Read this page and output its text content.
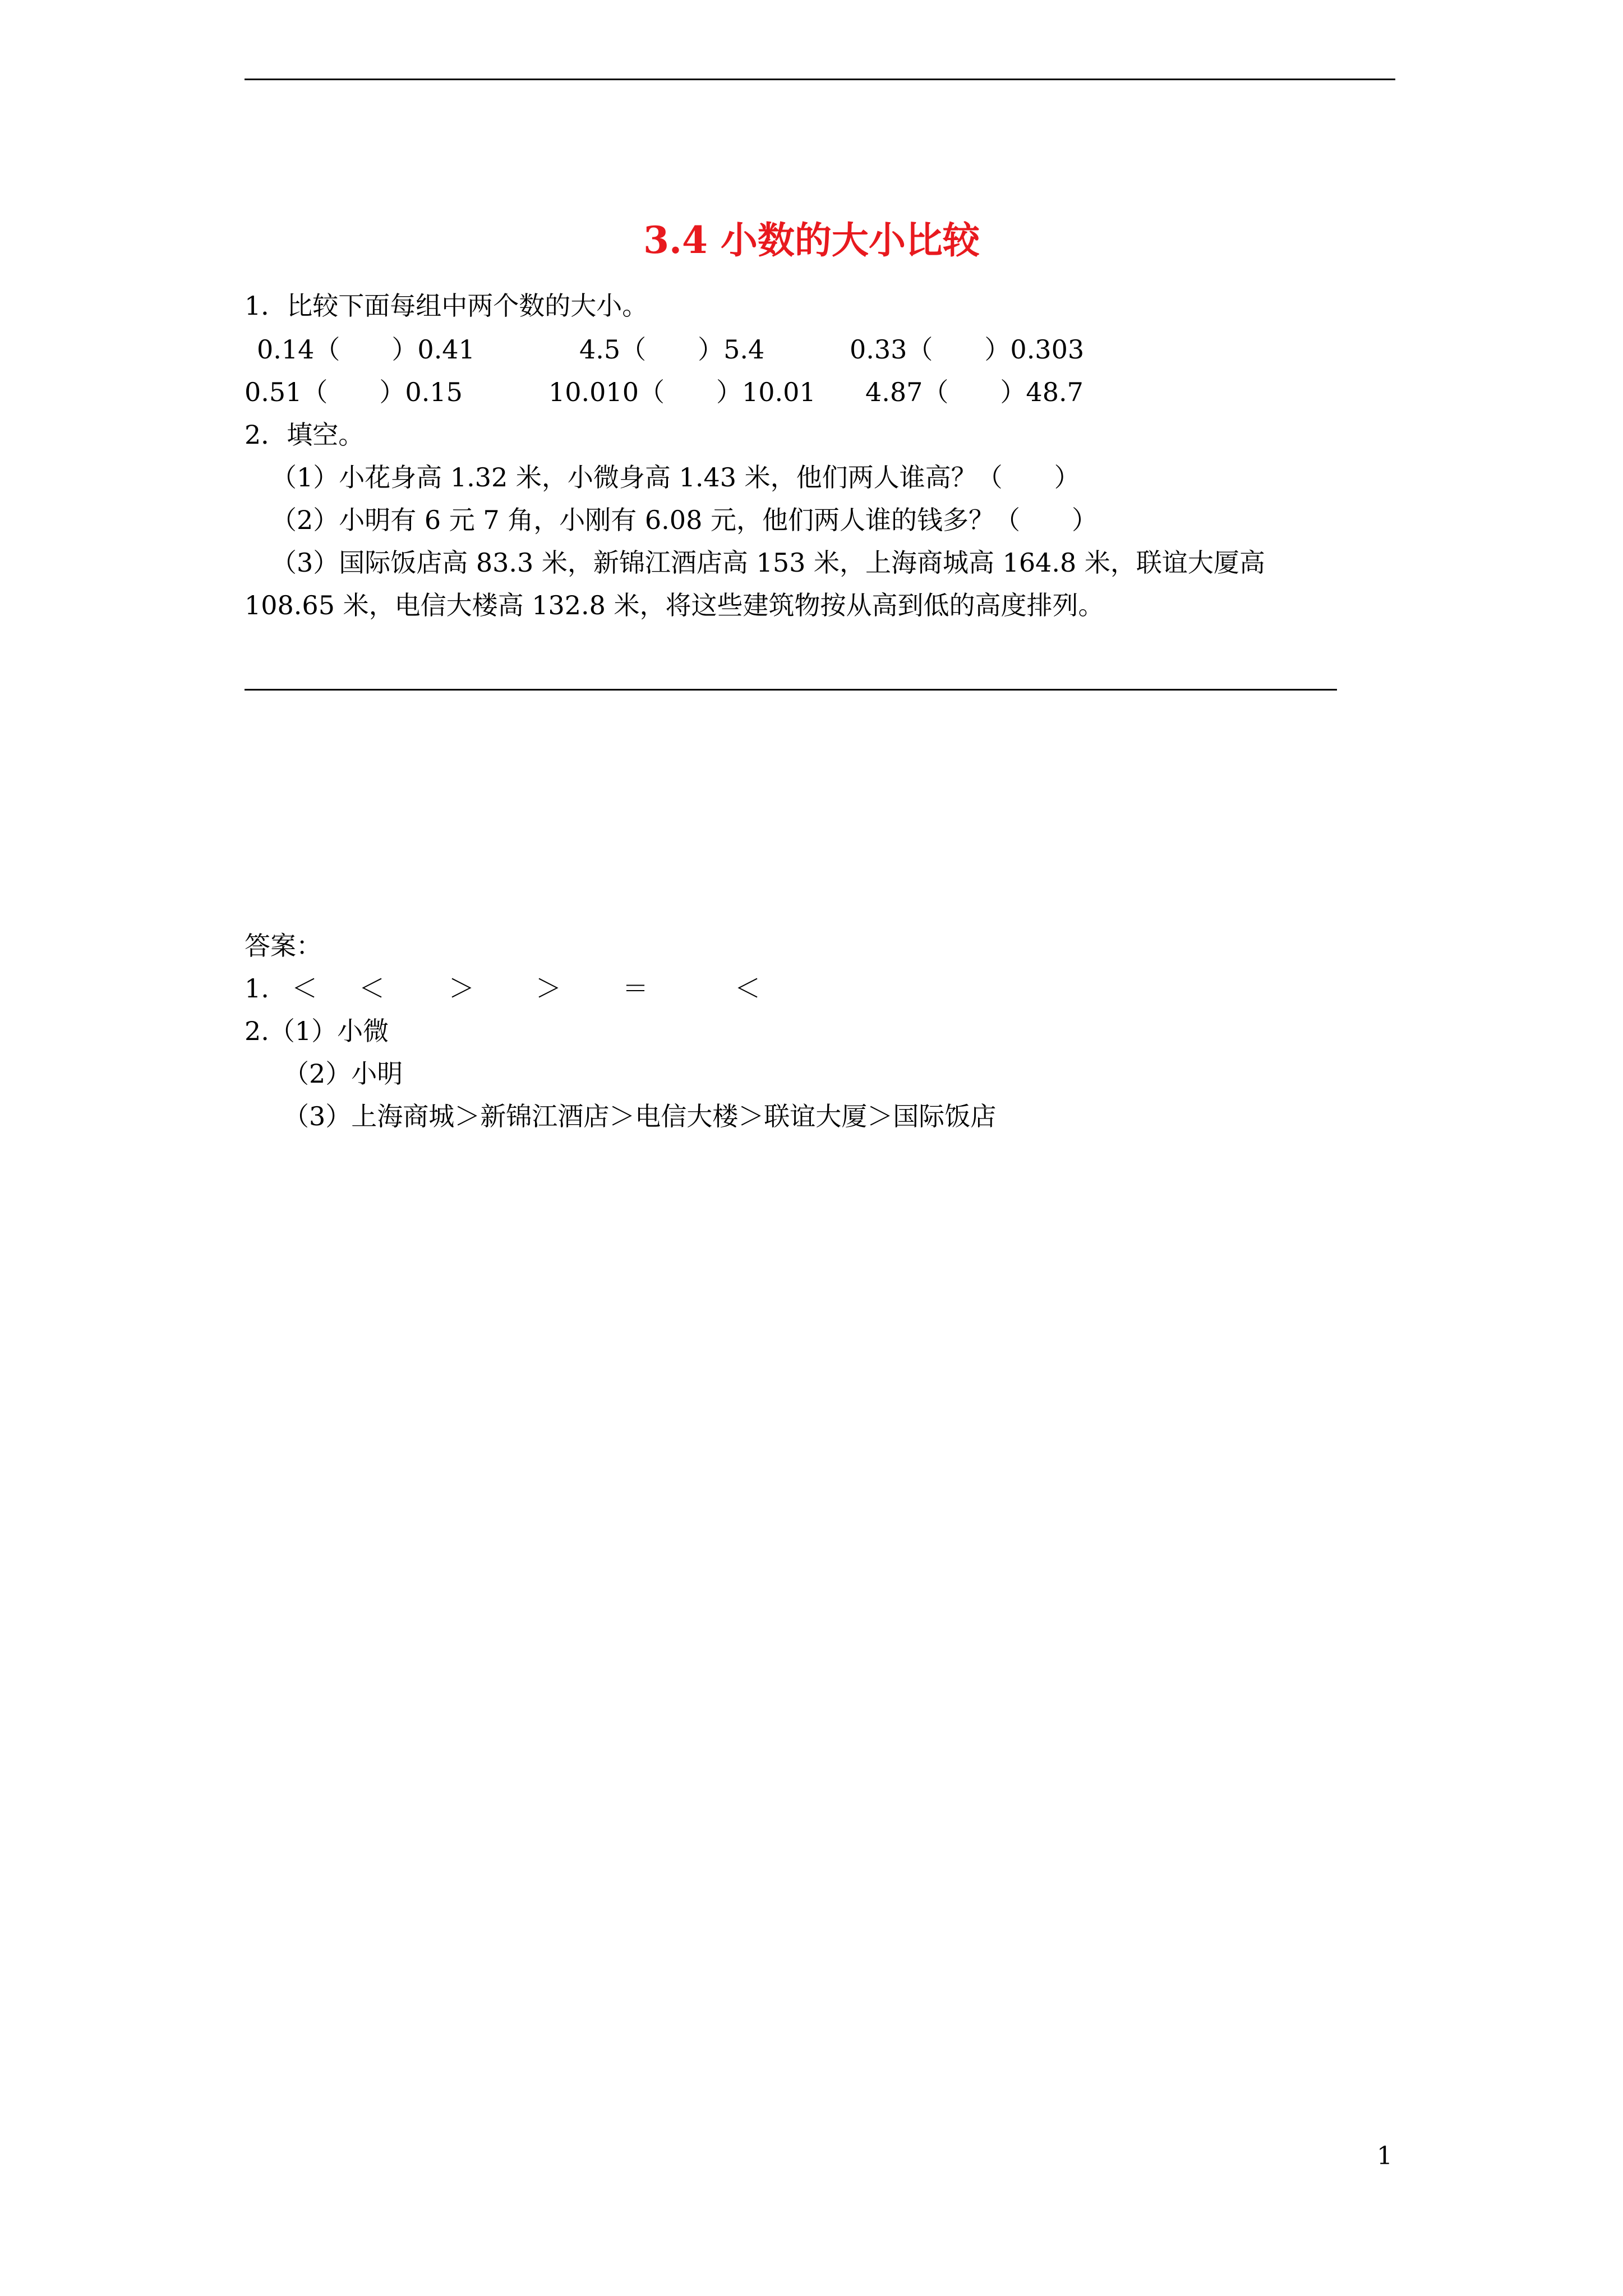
3.4 小数的大小比较
1．比较下面每组中两个数的大小。
0.14（　　）0.41	4.5（　　）5.4	0.33（　　）0.303
0.51（　　）0.15	10.010（　　）10.01 4.87（　　）48.7
2．填空。
（1）小花身高 1.32 米，小微身高 1.43 米，他们两人谁高？（　　）
（2）小明有 6 元 7 角，小刚有 6.08 元，他们两人谁的钱多？（　　）
（3）国际饭店高 83.3 米，新锦江酒店高 153 米，上海商城高 164.8 米，联谊大厦高
108.65 米，电信大楼高 132.8 米，将这些建筑物按从高到低的高度排列。
答案：
1. ＜ ＜ ＞ ＞ ＝	＜
2.（1）小微
（2）小明
（3）上海商城＞新锦江酒店＞电信大楼＞联谊大厦＞国际饭店
1
